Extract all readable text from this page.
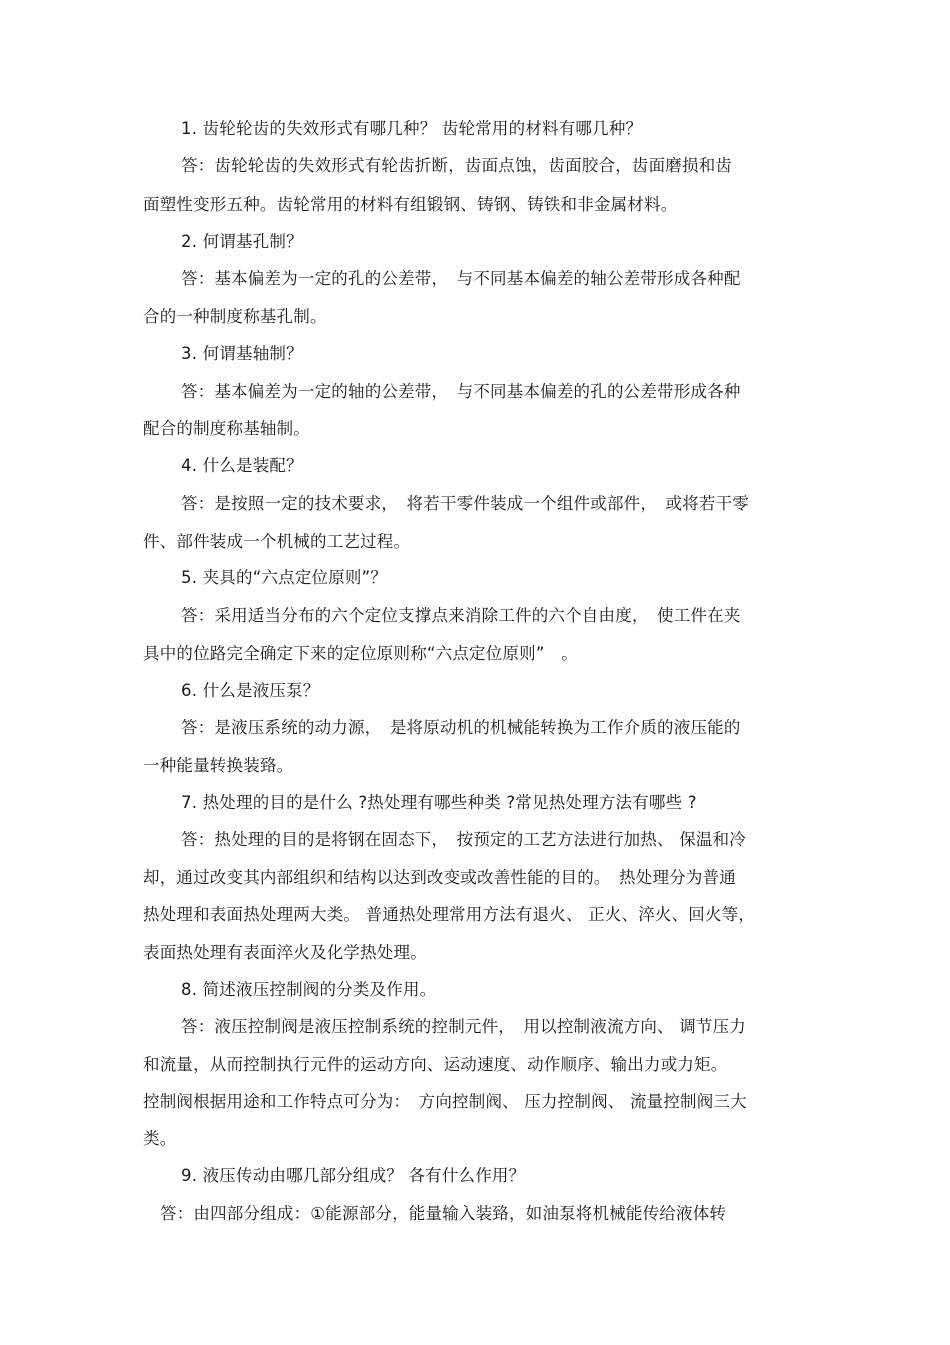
1. 齿轮轮齿的失效形式有哪几种？ 齿轮常用的材料有哪几种？
答：齿轮轮齿的失效形式有轮齿折断，齿面点蚀，齿面胶合，齿面磨损和齿
面塑性变形五种。齿轮常用的材料有组锻钢、铸钢、铸铁和非金属材料。
2. 何谓基孔制？
答：基本偏差为一定的孔的公差带，　与不同基本偏差的轴公差带形成各种配
合的一种制度称基孔制。
3. 何谓基轴制？
答：基本偏差为一定的轴的公差带，　与不同基本偏差的孔的公差带形成各种
配合的制度称基轴制。
4. 什么是装配？
答：是按照一定的技术要求，　将若干零件装成一个组件或部件，　或将若干零
件、部件装成一个机械的工艺过程。
5. 夹具的“六点定位原则”？
答：采用适当分布的六个定位支撑点来消除工件的六个自由度，　使工件在夹
具中的位路完全确定下来的定位原则称“六点定位原则”　。
6. 什么是液压泵？
答：是液压系统的动力源，　是将原动机的机械能转换为工作介质的液压能的
一种能量转换装臵。
7. 热处理的目的是什么 ?热处理有哪些种类 ?常见热处理方法有哪些 ?
答：热处理的目的是将钢在固态下，　按预定的工艺方法进行加热、 保温和冷
却，通过改变其内部组织和结构以达到改变或改善性能的目的。　热处理分为普通
热处理和表面热处理两大类。 普通热处理常用方法有退火、 正火、淬火、回火等，
表面热处理有表面淬火及化学热处理。
8. 简述液压控制阀的分类及作用。
答：液压控制阀是液压控制系统的控制元件，　用以控制液流方向、 调节压力
和流量，从而控制执行元件的运动方向、运动速度、动作顺序、输出力或力矩。
控制阀根据用途和工作特点可分为：　方向控制阀、 压力控制阀、 流量控制阀三大
类。
9. 液压传动由哪几部分组成？ 各有什么作用？
答：由四部分组成：①能源部分，能量输入装臵，如油泵将机械能传给液体转
